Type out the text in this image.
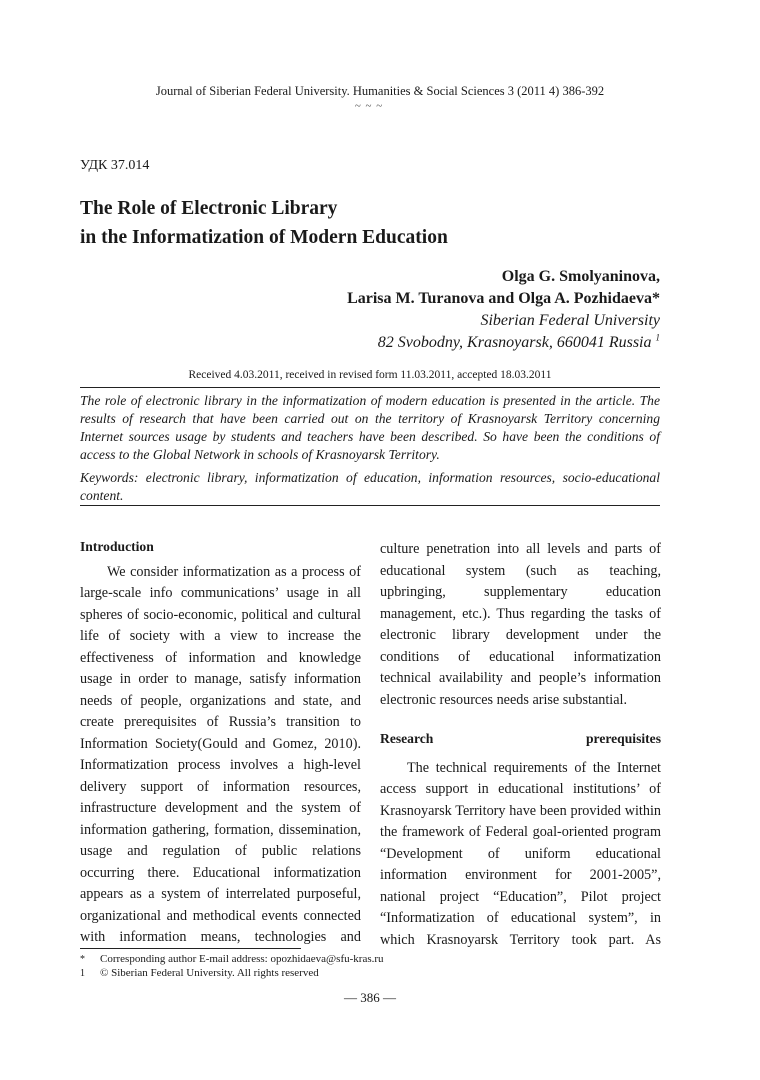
Journal of Siberian Federal University. Humanities & Social Sciences 3 (2011 4) 386-392
~ ~ ~
УДК 37.014
The Role of Electronic Library
in the Informatization of Modern Education
Olga G. Smolyaninova,
Larisa M. Turanova and Olga A. Pozhidaeva*
Siberian Federal University
82 Svobodny, Krasnoyarsk, 660041 Russia $^1$
Received 4.03.2011, received in revised form 11.03.2011, accepted 18.03.2011
The role of electronic library in the informatization of modern education is presented in the article. The results of research that have been carried out on the territory of Krasnoyarsk Territory concerning Internet sources usage by students and teachers have been described. So have been the conditions of access to the Global Network in schools of Krasnoyarsk Territory.
Keywords: electronic library, informatization of education, information resources, socio-educational content.

Introduction

We consider informatization as a process of large-scale info communications’ usage in all spheres of socio-economic, political and cultural life of society with a view to increase the effectiveness of information and knowledge usage in order to manage, satisfy information needs of people, organizations and state, and create prerequisites of Russia’s transition to Information Society(Gould and Gomez, 2010). Informatization process involves a high-level delivery support of information resources, infrastructure development and the system of information gathering, formation, dissemination, usage and regulation of public relations occurring there. Educational informatization appears as a system of interrelated purposeful, organizational and methodical events connected with information means, technologies and

culture penetration into all levels and parts of educational system (such as teaching, upbringing, supplementary education management, etc.). Thus regarding the tasks of electronic library development under the conditions of educational informatization technical availability and people’s information electronic resources needs arise substantial.

Research prerequisites

The technical requirements of the Internet access support in educational institutions’ of Krasnoyarsk Territory have been provided within the framework of Federal goal-oriented program “Development of uniform educational information environment for 2001-2005”, national project “Education”, Pilot project “Informatization of educational system”, in which Krasnoyarsk Territory took part. As

* Corresponding author E-mail address: opozhidaeva@sfu-kras.ru
1 © Siberian Federal University. All rights reserved
— 386 —
